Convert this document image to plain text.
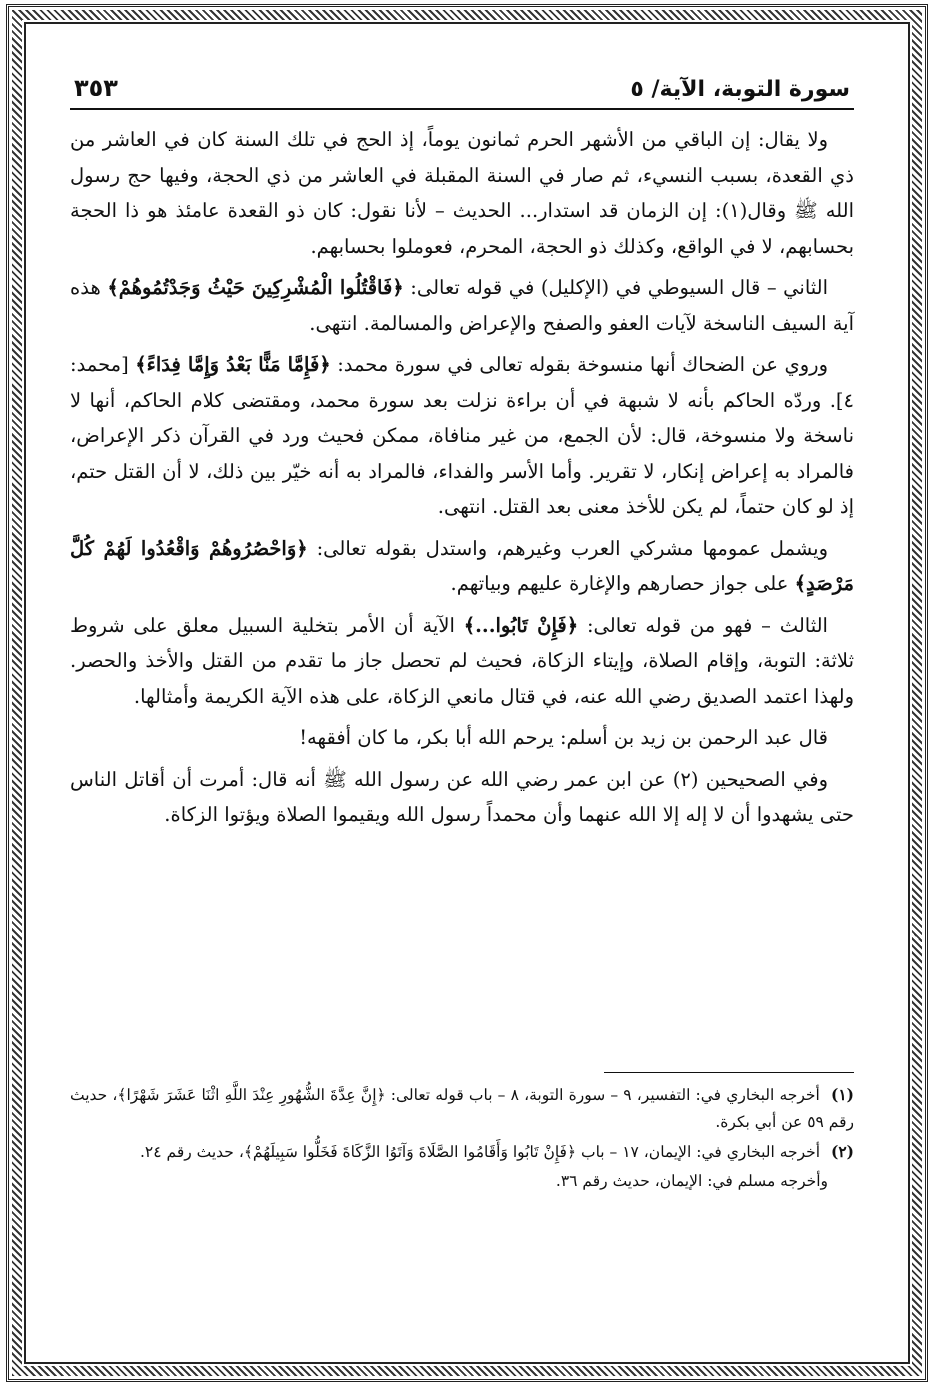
سورة التوبة، الآية/ ٥
٣٥٣

ولا يقال: إن الباقي من الأشهر الحرم ثمانون يوماً، إذ الحج في تلك السنة كان في العاشر من ذي القعدة، بسبب النسيء، ثم صار في السنة المقبلة في العاشر من ذي الحجة، وفيها حج رسول الله ﷺ وقال(١): إن الزمان قد استدار... الحديث – لأنا نقول: كان ذو القعدة عامئذ هو ذا الحجة بحسابهم، لا في الواقع، وكذلك ذو الحجة، المحرم، فعوملوا بحسابهم.

الثاني – قال السيوطي في (الإكليل) في قوله تعالى: ﴿فَاقْتُلُوا الْمُشْرِكِينَ حَيْثُ وَجَدْتُمُوهُمْ﴾ هذه آية السيف الناسخة لآيات العفو والصفح والإعراض والمسالمة. انتهى.

وروي عن الضحاك أنها منسوخة بقوله تعالى في سورة محمد: ﴿فَإِمَّا مَنًّا بَعْدُ وَإِمَّا فِدَاءً﴾ [محمد: ٤]. وردّه الحاكم بأنه لا شبهة في أن براءة نزلت بعد سورة محمد، ومقتضى كلام الحاكم، أنها لا ناسخة ولا منسوخة، قال: لأن الجمع، من غير منافاة، ممكن فحيث ورد في القرآن ذكر الإعراض، فالمراد به إعراض إنكار، لا تقرير. وأما الأسر والفداء، فالمراد به أنه خيّر بين ذلك، لا أن القتل حتم، إذ لو كان حتماً، لم يكن للأخذ معنى بعد القتل. انتهى.

ويشمل عمومها مشركي العرب وغيرهم، واستدل بقوله تعالى: ﴿وَاحْصُرُوهُمْ وَاقْعُدُوا لَهُمْ كُلَّ مَرْصَدٍ﴾ على جواز حصارهم والإغارة عليهم وبياتهم.

الثالث – فهو من قوله تعالى: ﴿فَإِنْ تَابُوا...﴾ الآية أن الأمر بتخلية السبيل معلق على شروط ثلاثة: التوبة، وإقام الصلاة، وإيتاء الزكاة، فحيث لم تحصل جاز ما تقدم من القتل والأخذ والحصر. ولهذا اعتمد الصديق رضي الله عنه، في قتال مانعي الزكاة، على هذه الآية الكريمة وأمثالها.

قال عبد الرحمن بن زيد بن أسلم: يرحم الله أبا بكر، ما كان أفقهه!

وفي الصحيحين (٢) عن ابن عمر رضي الله عن رسول الله ﷺ أنه قال: أمرت أن أقاتل الناس حتى يشهدوا أن لا إله إلا الله عنهما وأن محمداً رسول الله ويقيموا الصلاة ويؤتوا الزكاة.

(١) أخرجه البخاري في: التفسير، ٩ – سورة التوبة، ٨ – باب قوله تعالى: ﴿إِنَّ عِدَّةَ الشُّهُورِ عِنْدَ اللَّهِ اثْنَا عَشَرَ شَهْرًا﴾، حديث رقم ٥٩ عن أبي بكرة.

(٢) أخرجه البخاري في: الإيمان، ١٧ – باب ﴿فَإِنْ تَابُوا وَأَقَامُوا الصَّلَاةَ وَآتَوُا الزَّكَاةَ فَخَلُّوا سَبِيلَهُمْ﴾، حديث رقم ٢٤.

وأخرجه مسلم في: الإيمان، حديث رقم ٣٦.
